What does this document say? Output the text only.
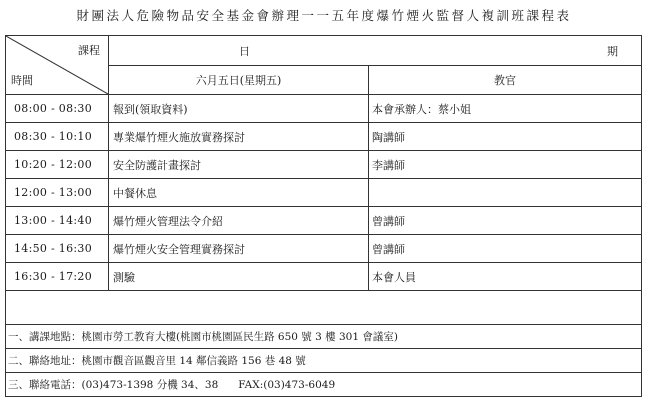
財團法人危險物品安全基金會辦理一一五年度爆竹煙火監督人複訓班課程表
課程
時間	日 期	

	六月五日(星期五)	教官
08:00 - 08:30	報到(領取資料)	本會承辦人：蔡小姐
08:30 - 10:10	專業爆竹煙火施放實務探討	陶講師
10:20 - 12:00	安全防護計畫探討	李講師
12:00 - 13:00	中餐休息	
13:00 - 14:40	爆竹煙火管理法令介紹	曾講師
14:50 - 16:30	爆竹煙火安全管理實務探討	曾講師
16:30 - 17:20	測驗	本會人員

一、講課地點：桃園市勞工教育大樓(桃園市桃園區民生路 650 號 3 樓 301 會議室)		
二、聯絡地址：桃園市觀音區觀音里 14 鄰信義路 156 巷 48 號		
三、聯絡電話：(03)473-1398 分機 34、38      FAX:(03)473-6049		
